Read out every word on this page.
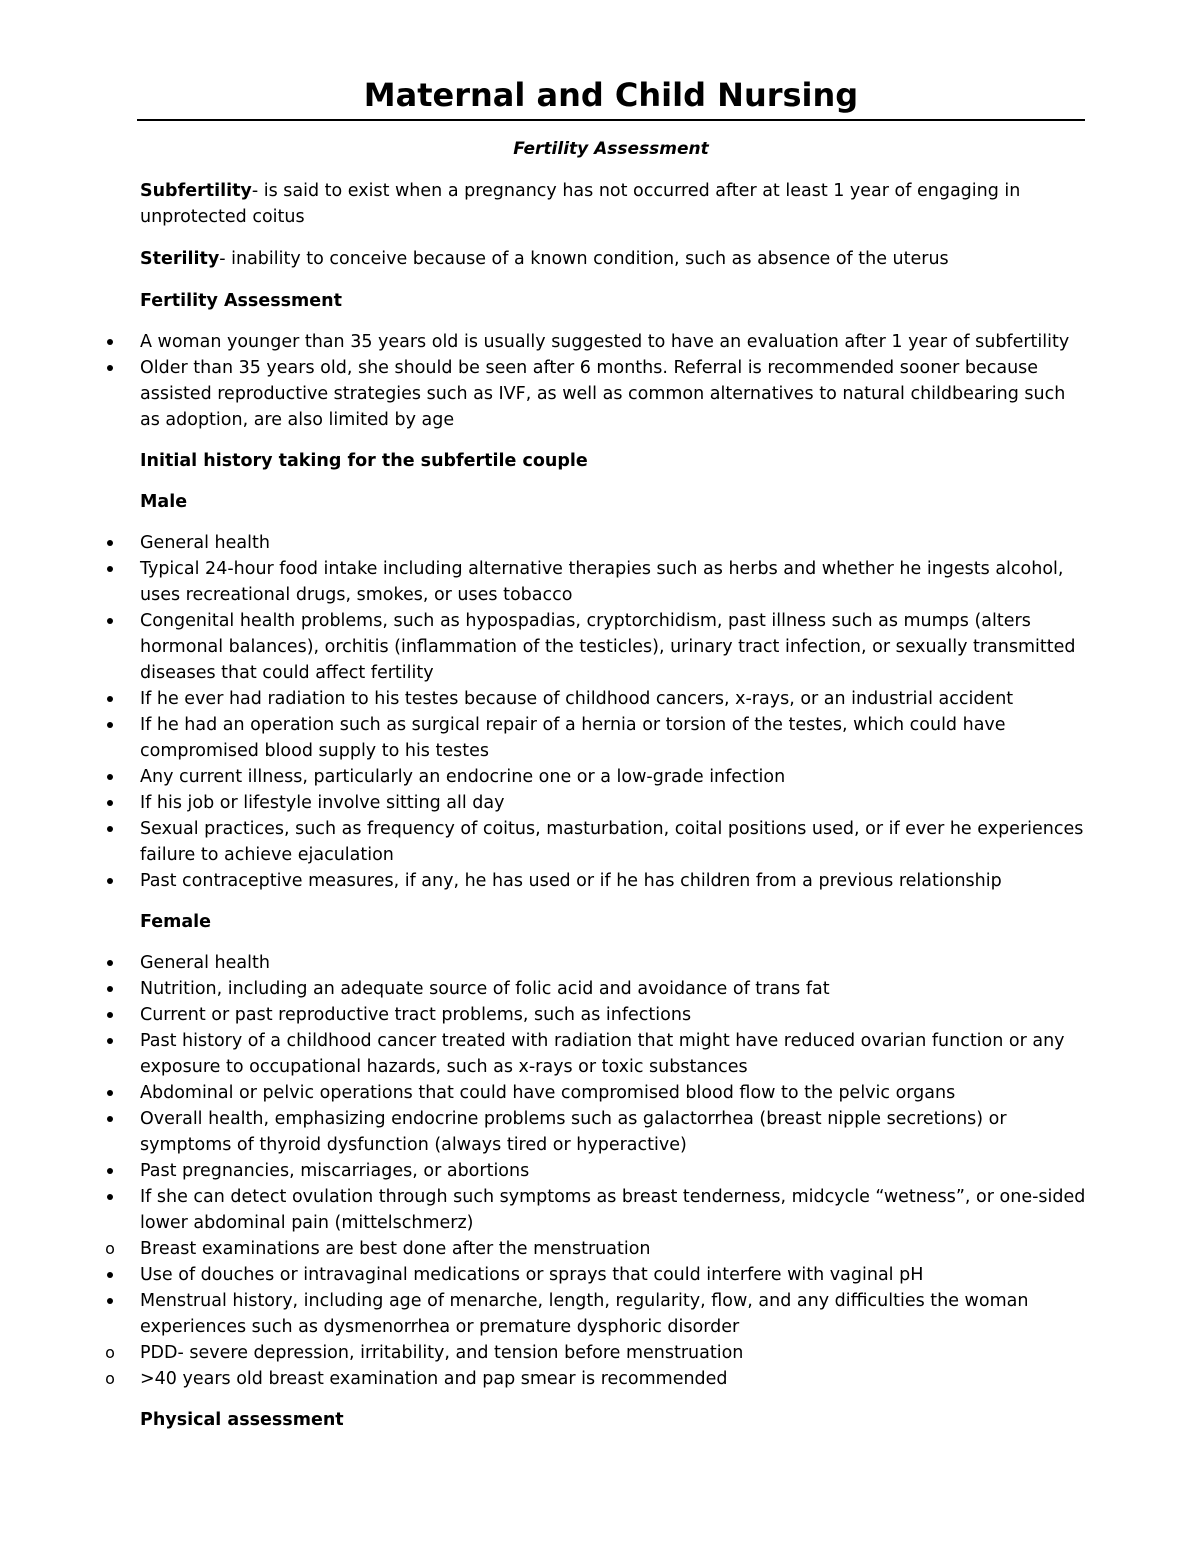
Maternal and Child Nursing
Fertility Assessment

Subfertility- is said to exist when a pregnancy has not occurred after at least 1 year of engaging in unprotected coitus

Sterility- inability to conceive because of a known condition, such as absence of the uterus

Fertility Assessment
A woman younger than 35 years old is usually suggested to have an evaluation after 1 year of subfertility
Older than 35 years old, she should be seen after 6 months. Referral is recommended sooner because assisted reproductive strategies such as IVF, as well as common alternatives to natural childbearing such as adoption, are also limited by age
Initial history taking for the subfertile couple
Male
General health
Typical 24-hour food intake including alternative therapies such as herbs and whether he ingests alcohol, uses recreational drugs, smokes, or uses tobacco
Congenital health problems, such as hypospadias, cryptorchidism, past illness such as mumps (alters hormonal balances), orchitis (inflammation of the testicles), urinary tract infection, or sexually transmitted diseases that could affect fertility
If he ever had radiation to his testes because of childhood cancers, x-rays, or an industrial accident
If he had an operation such as surgical repair of a hernia or torsion of the testes, which could have compromised blood supply to his testes
Any current illness, particularly an endocrine one or a low-grade infection
If his job or lifestyle involve sitting all day
Sexual practices, such as frequency of coitus, masturbation, coital positions used, or if ever he experiences failure to achieve ejaculation
Past contraceptive measures, if any, he has used or if he has children from a previous relationship
Female
General health
Nutrition, including an adequate source of folic acid and avoidance of trans fat
Current or past reproductive tract problems, such as infections
Past history of a childhood cancer treated with radiation that might have reduced ovarian function or any exposure to occupational hazards, such as x-rays or toxic substances
Abdominal or pelvic operations that could have compromised blood flow to the pelvic organs
Overall health, emphasizing endocrine problems such as galactorrhea (breast nipple secretions) or symptoms of thyroid dysfunction (always tired or hyperactive)
Past pregnancies, miscarriages, or abortions
If she can detect ovulation through such symptoms as breast tenderness, midcycle “wetness”, or one-sided lower abdominal pain (mittelschmerz)
o
Breast examinations are best done after the menstruation
Use of douches or intravaginal medications or sprays that could interfere with vaginal pH
Menstrual history, including age of menarche, length, regularity, flow, and any difficulties the woman experiences such as dysmenorrhea or premature dysphoric disorder
o
PDD- severe depression, irritability, and tension before menstruation
o
>40 years old breast examination and pap smear is recommended
Physical assessment
